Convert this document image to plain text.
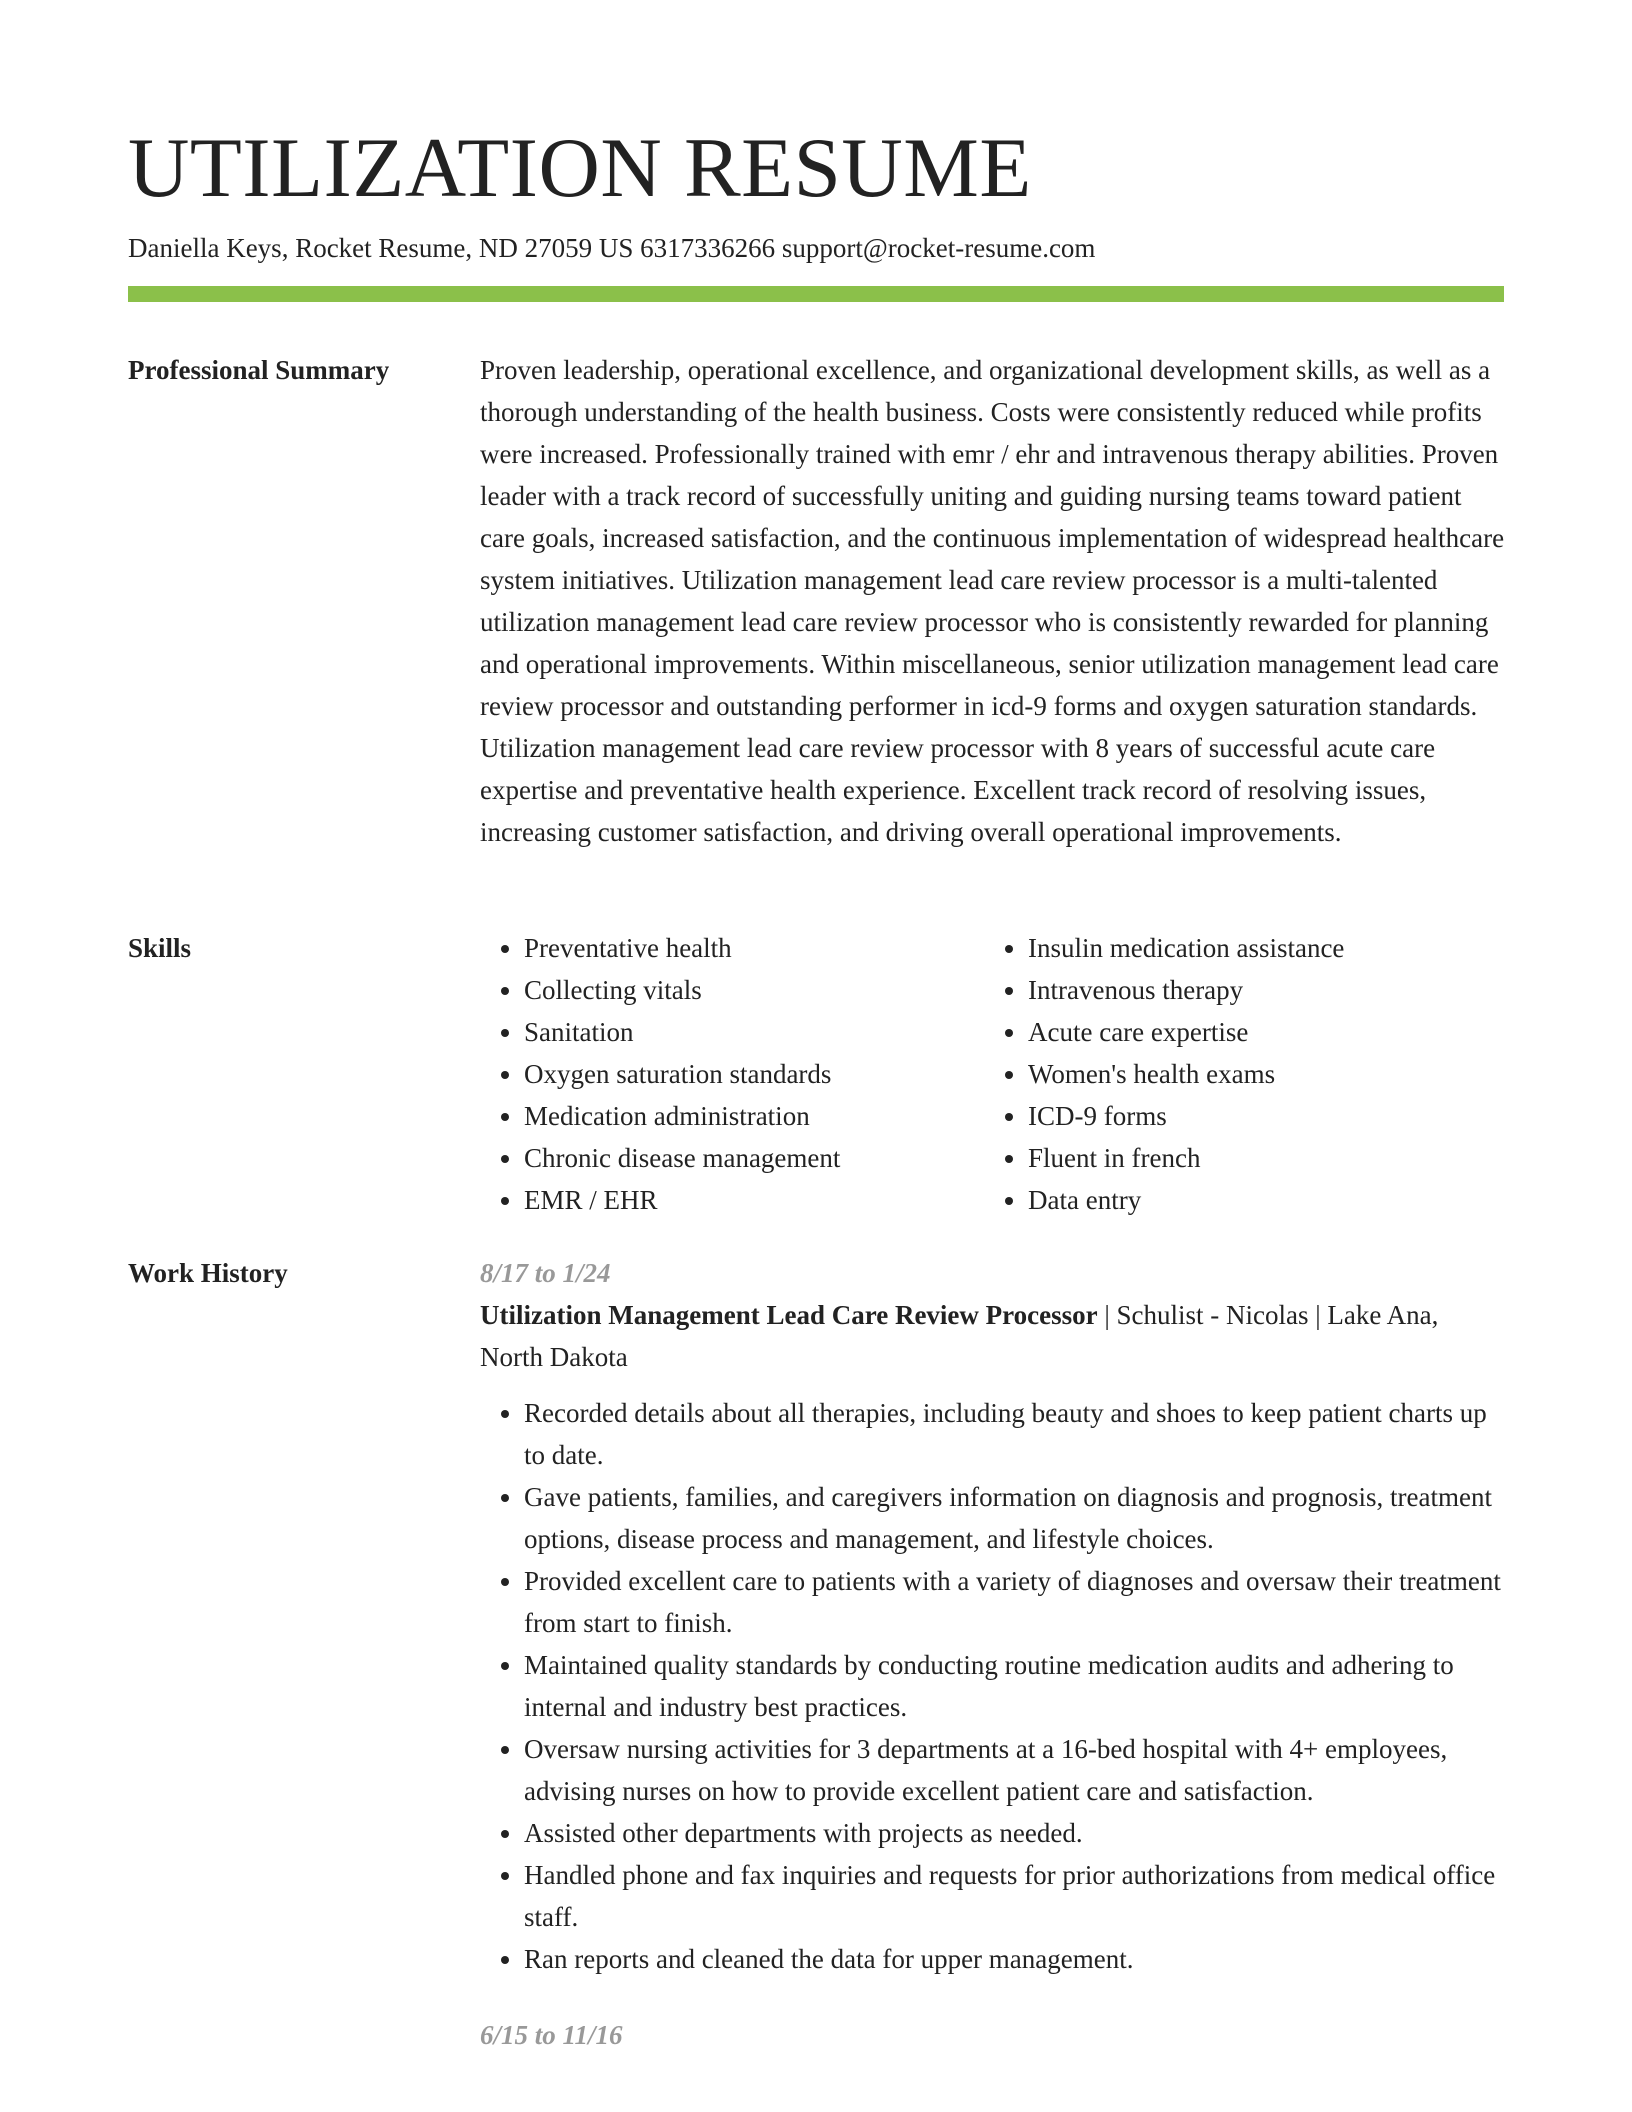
UTILIZATION RESUME
Daniella Keys, Rocket Resume, ND 27059 US 6317336266 support@rocket-resume.com
Professional Summary	Proven leadership, operational excellence, and organizational development skills, as well as a thorough understanding of the health business. Costs were consistently reduced while profits were increased. Professionally trained with emr / ehr and intravenous therapy abilities. Proven leader with a track record of successfully uniting and guiding nursing teams toward patient care goals, increased satisfaction, and the continuous implementation of widespread healthcare system initiatives. Utilization management lead care review processor is a multi-talented utilization management lead care review processor who is consistently rewarded for planning and operational improvements. Within miscellaneous, senior utilization management lead care review processor and outstanding performer in icd-9 forms and oxygen saturation standards. Utilization management lead care review processor with 8 years of successful acute care expertise and preventative health experience. Excellent track record of resolving issues, increasing customer satisfaction, and driving overall operational improvements.

Skills
•	Preventative health
• Collecting vitals
• Sanitation
• Oxygen saturation standards
• Medication administration
• Chronic disease management
• EMR / EHR
• Insulin medication assistance
• Intravenous therapy
• Acute care expertise
• Women's health exams
• ICD-9 forms
• Fluent in french
• Data entry
Work History	8/17 to 1/24

Utilization Management Lead Care Review Processor | Schulist - Nicolas | Lake Ana, North Dakota

• Recorded details about all therapies, including beauty and shoes to keep patient charts up to date.
• Gave patients, families, and caregivers information on diagnosis and prognosis, treatment options, disease process and management, and lifestyle choices.
• Provided excellent care to patients with a variety of diagnoses and oversaw their treatment from start to finish.
• Maintained quality standards by conducting routine medication audits and adhering to internal and industry best practices.
• Oversaw nursing activities for 3 departments at a 16-bed hospital with 4+ employees, advising nurses on how to provide excellent patient care and satisfaction.
• Assisted other departments with projects as needed.
• Handled phone and fax inquiries and requests for prior authorizations from medical office staff.
• Ran reports and cleaned the data for upper management.
6/15 to 11/16
